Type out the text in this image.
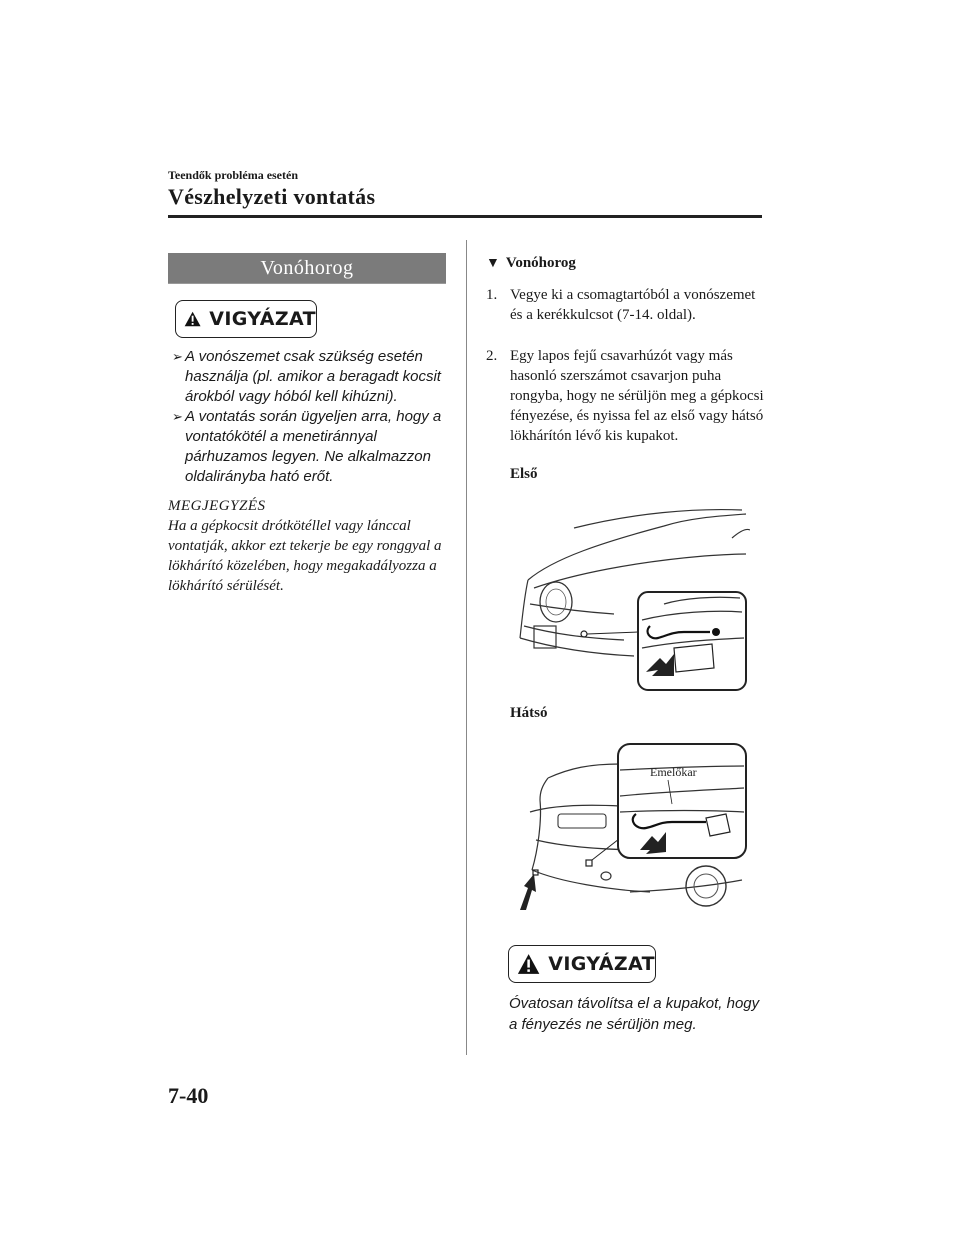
Teendők probléma esetén
Vészhelyzeti vontatás
Vonóhorog
VIGYÁZAT
➢ A vonószemet csak szükség esetén használja (pl. amikor a beragadt kocsit árokból vagy hóból kell kihúzni).
➢ A vontatás során ügyeljen arra, hogy a vontatókötél a menetiránnyal párhuzamos legyen. Ne alkalmazzon oldalirányba ható erőt.
MEGJEGYZÉS
Ha a gépkocsit drótkötéllel vagy lánccal vontatják, akkor ezt tekerje be egy ronggyal a lökhárító közelében, hogy megakadályozza a lökhárító sérülését.
▼ Vonóhorog
1. Vegye ki a csomagtartóból a vonószemet és a kerékkulcsot (7-14. oldal).
2. Egy lapos fejű csavarhúzót vagy más hasonló szerszámot csavarjon puha rongyba, hogy ne sérüljön meg a gépkocsi fényezése, és nyissa fel az első vagy hátsó lökhárítón lévő kis kupakot.
Első
Hátsó
Emelőkar
VIGYÁZAT
Óvatosan távolítsa el a kupakot, hogy a fényezés ne sérüljön meg.
7-40
